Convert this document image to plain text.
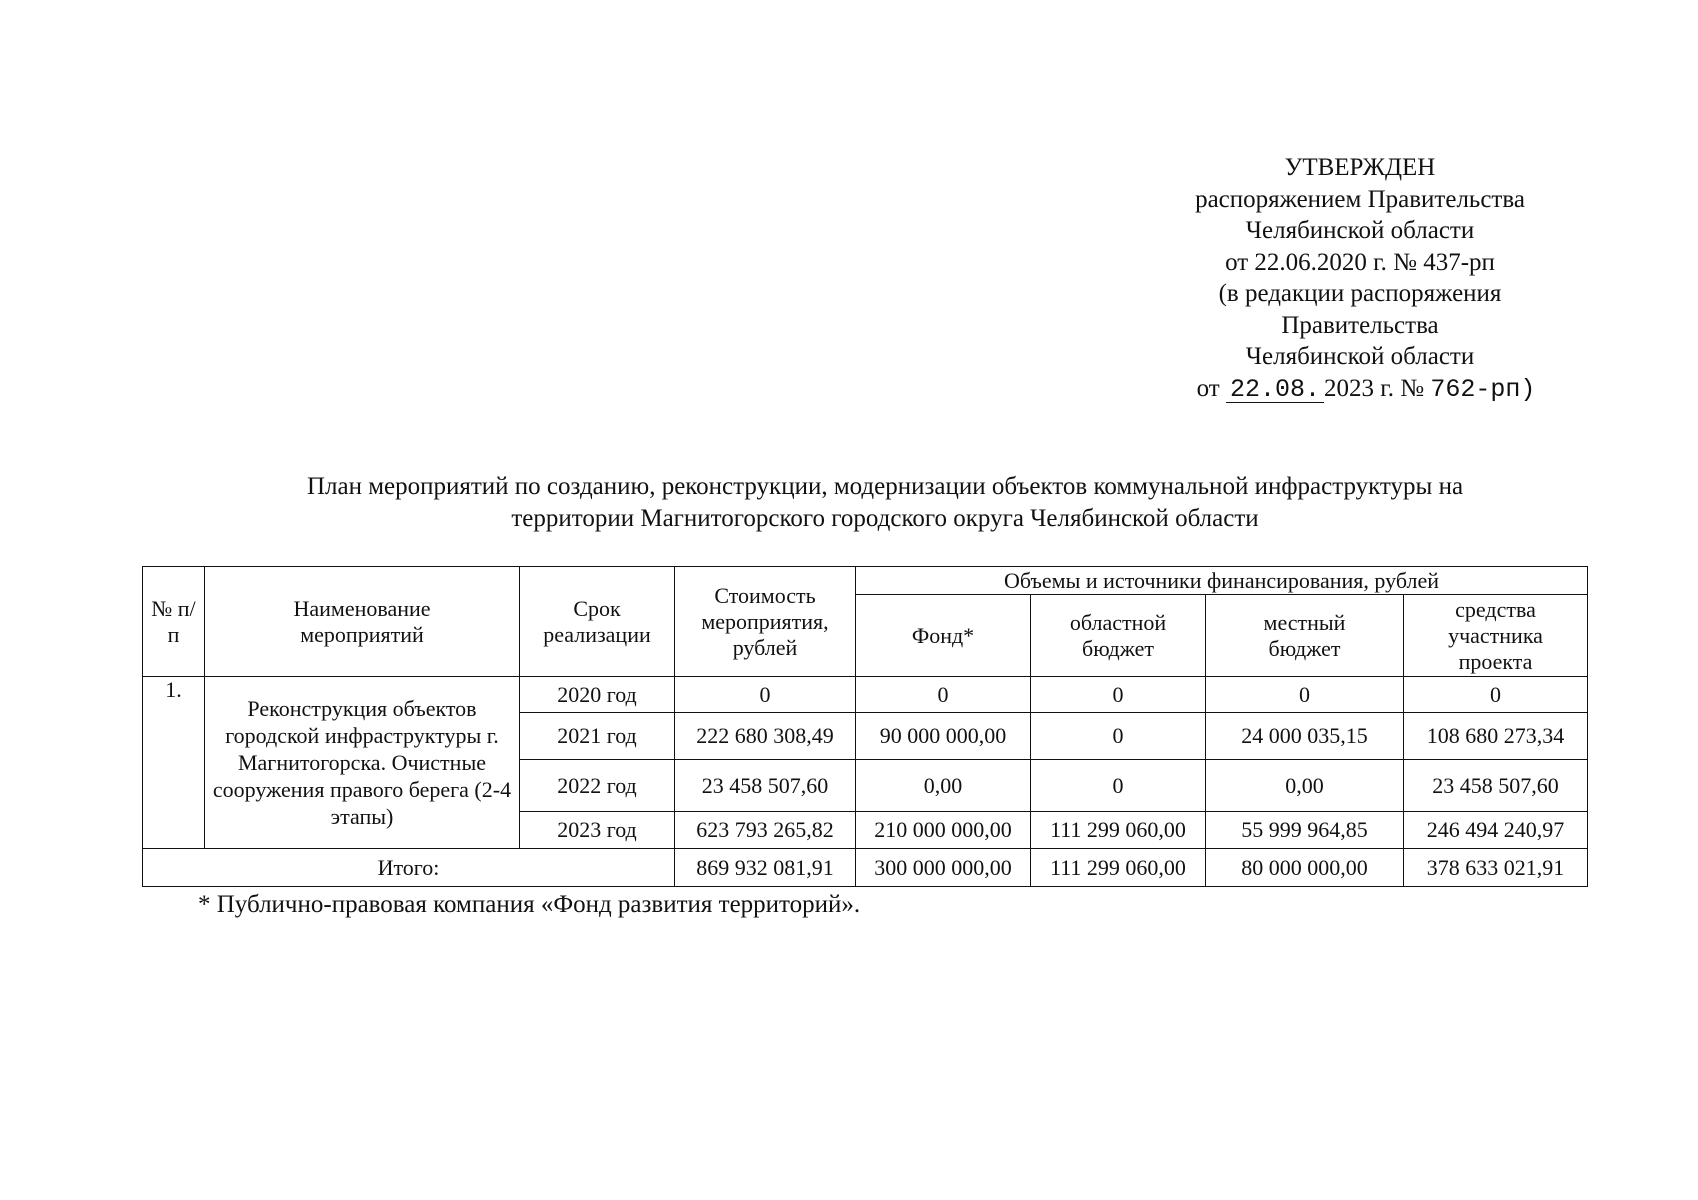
УТВЕРЖДЕН
распоряжением Правительства
Челябинской области
от 22.06.2020 г. № 437-рп
(в редакции распоряжения
Правительства
Челябинской области
от 22.08. 2023 г. № 762-рп)
План мероприятий по созданию, реконструкции, модернизации объектов коммунальной инфраструктуры на
территории Магнитогорского городского округа Челябинской области
№ п/п	Наименование мероприятий	Срок реализации	Стоимость мероприятия, рублей	Объемы и источники финансирования, рублей			
				Фонд*	областной бюджет	местный бюджет	средства участника проекта
1.	Реконструкция объектов городской инфраструктуры г. Магнитогорска. Очистные сооружения правого берега (2-4 этапы)	2020 год	0	0	0	0	0
		2021 год	222 680 308,49	90 000 000,00	0	24 000 035,15	108 680 273,34
		2022 год	23 458 507,60	0,00	0	0,00	23 458 507,60
		2023 год	623 793 265,82	210 000 000,00	111 299 060,00	55 999 964,85	246 494 240,97
Итого:			869 932 081,91	300 000 000,00	111 299 060,00	80 000 000,00	378 633 021,91
* Публично-правовая компания «Фонд развития территорий».
